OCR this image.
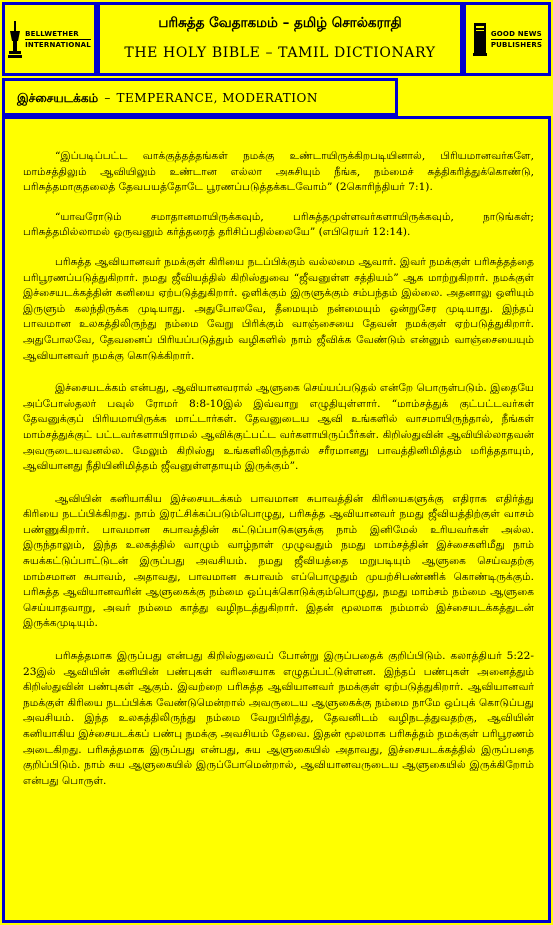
BELLWETHER
INTERNATIONAL
பரிசுத்த வேதாகமம் – தமிழ் சொல்கராதி
THE HOLY BIBLE – TAMIL DICTIONARY
GOOD NEWS
PUBLISHERS
இச்சையடக்கம் – TEMPERANCE, MODERATION

“இப்படிப்பட்ட வாக்குத்தத்தங்கள் நமக்கு உண்டாயிருக்கிறபடியினால், பிரியமானவர்களே, மாம்சத்திலும் ஆவியிலும் உண்டான எல்லா அசுசியும் நீங்க, நம்மைச் சுத்திகரித்துக்கொண்டு, பரிசுத்தமாகுதலைத் தேவபயத்தோடே பூரணப்படுத்தக்கடவோம்” (2கொரிந்தியர் 7:1).

“யாவரோடும் சமாதானமாயிருக்கவும், பரிசுத்தமுள்ளவர்களாயிருக்கவும், நாடுங்கள்; பரிசுத்தமில்லாமல் ஒருவனும் கர்த்தரைத் தரிசிப்பதில்லையே” (எபிரெயர் 12:14).

பரிசுத்த ஆவியானவர் நமக்குள் கிரியை நடப்பிக்கும் வல்லமை ஆவார். இவர் நமக்குள் பரிசுத்தத்தை பரிபூரணப்படுத்துகிறார். நமது ஜீவியத்தில் கிறிஸ்துவை “ஜீவனுள்ள சத்தியம்” ஆக மாற்றுகிறார். நமக்குள் இச்சையடக்கத்தின் கனியை ஏற்படுத்துகிறார். ஒளிக்கும் இருளுக்கும் சம்பந்தம் இல்லை. அதனாலு ஒளியும் இருளும் கலந்திருக்க முடியாது. அதுபோலவே, தீமையும் நன்மையும் ஒன்றுசேர முடியாது. இந்தப் பாவமான உலகத்திலிருந்து நம்மை வேறு பிரிக்கும் வாஞ்சையை தேவன் நமக்குள் ஏற்படுத்துகிறார். அதுபோலவே, தேவனைப் பிரியப்படுத்தும் வழிகளில் நாம் ஜீவிக்க வேண்டும் என்னும் வாஞ்சையையும் ஆவியானவர் நமக்கு கொடுக்கிறார்.

இச்சையடக்கம் என்பது, ஆவியானவரால் ஆளுகை செய்யப்படுதல் என்றே பொருள்படும். இதையே அப்போஸ்தலர் பவுல் ரோமர் 8:8-10இல் இவ்வாறு எழுதியுள்ளார். “மாம்சத்துக் குட்பட்டவர்கள் தேவனுக்குப் பிரியமாயிருக்க மாட்டார்கள். தேவனுடைய ஆவி உங்களில் வாசமாயிருந்தால், நீங்கள் மாம்சத்துக்குட் பட்டவர்களாயிராமல் ஆவிக்குட்பட்ட வர்களாயிருப்பீர்கள். கிறிஸ்துவின் ஆவியில்லாதவன் அவருடையவனல்ல. மேலும் கிறிஸ்து உங்களிலிருந்தால் சரீரமானது பாவத்தினிமித்தம் மரித்ததாயும், ஆவியானது நீதியினிமித்தம் ஜீவனுள்ளதாயும் இருக்கும்”.

ஆவியின் கனியாகிய இச்சையடக்கம் பாவமான சுபாவத்தின் கிரியைகளுக்கு எதிராக எதிர்த்து கிரியை நடப்பிக்கிறது. நாம் இரட்சிக்கப்படும்பொழுது, பரிசுத்த ஆவியானவர் நமது ஜீவியத்திற்குள் வாசம் பண்ணுகிறார். பாவமான சுபாவத்தின் கட்டுப்பாடுகளுக்கு நாம் இனிமேல் உரியவர்கள் அல்ல. இருந்தாலும், இந்த உலகத்தில் வாழும் வாழ்நாள் முழுவதும் நமது மாம்சத்தின் இச்சைகளிமீது நாம் சுயக்கட்டுப்பாட்டுடன் இருப்பது அவசியம். நமது ஜீவியத்தை மறுபடியும் ஆளுகை செய்வதற்கு மாம்சமான சுபாவம், அதாவது, பாவமான சுபாவம் எப்பொழுதும் முயற்சிபண்ணிக் கொண்டிருக்கும். பரிசுத்த ஆவியானவரின் ஆளுகைக்கு நம்மை ஒப்புக்கொடுக்கும்பொழுது, நமது மாம்சம் நம்மை ஆளுகை செய்யாதவாறு, அவர் நம்மை காத்து வழிநடத்துகிறார். இதன் மூலமாக நம்மால் இச்சையடக்கத்துடன் இருக்கமுடியும்.

பரிசுத்தமாக இருப்பது என்பது கிறிஸ்துவைப் போன்று இருப்பதைக் குறிப்பிடும். கலாத்தியர் 5:22-23இல் ஆவியின் கனியின் பண்புகள் வரிசையாக எழுதப்பட்டுள்ளன. இந்தப் பண்புகள் அனைத்தும் கிறிஸ்துவின் பண்புகள் ஆகும். இவற்றை பரிசுத்த ஆவியானவர் நமக்குள் ஏற்படுத்துகிறார். ஆவியானவர் நமக்குள் கிரியை நடப்பிக்க வேண்டுமென்றால் அவருடைய ஆளுகைக்கு நம்மை நாமே ஒப்புக் கொடுப்பது அவசியம். இந்த உலகத்திலிருந்து நம்மை வேறுபிரித்து, தேவனிடம் வழிநடத்துவதற்கு, ஆவியின் கனியாகிய இச்சையடக்கப் பண்பு நமக்கு அவசியம் தேவை. இதன் மூலமாக பரிசுத்தம் நமக்குள் பரிபூரணம் அடைகிறது. பரிசுத்தமாக இருப்பது என்பது, சுய ஆளுகையில் அதாவது, இச்சையடக்கத்தில் இருப்பதை குறிப்பிடும். நாம் சுய ஆளுகையில் இருப்போமென்றால், ஆவியானவருடைய ஆளுகையில் இருக்கிறோம் என்பது பொருள்.
